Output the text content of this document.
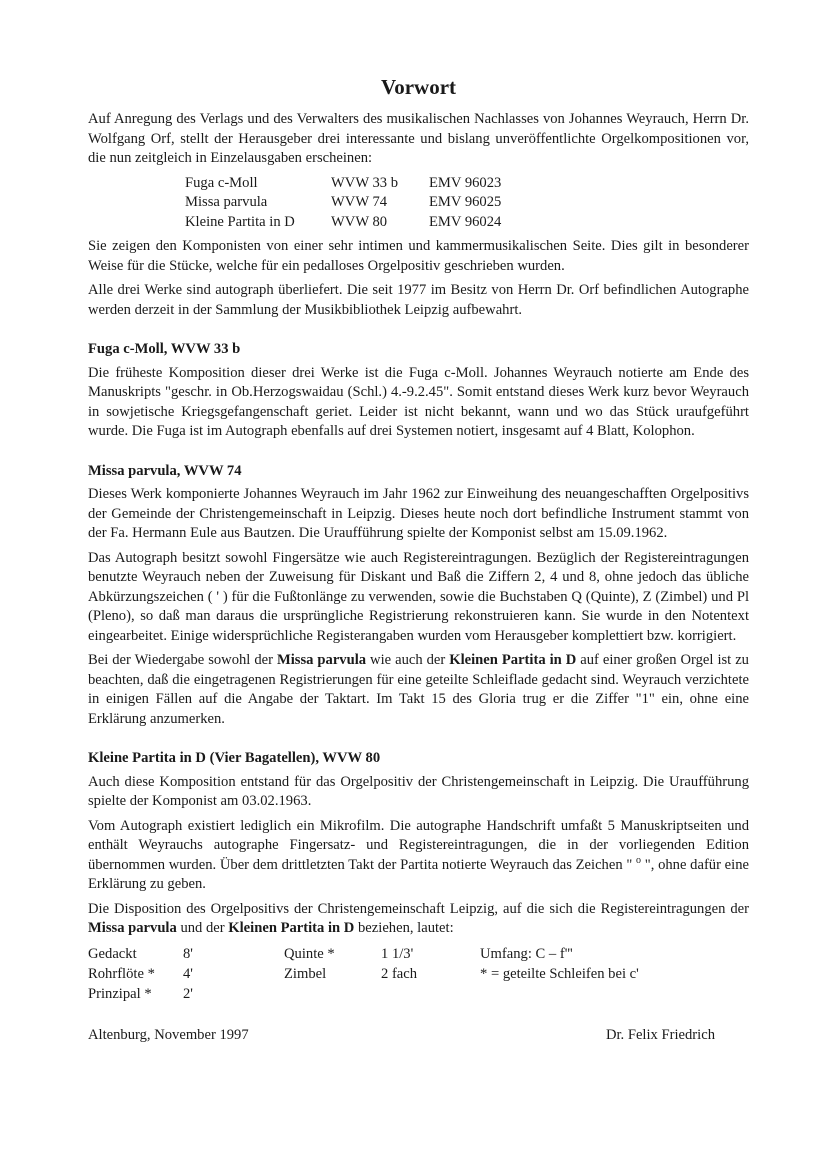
Vorwort

Auf Anregung des Verlags und des Verwalters des musikalischen Nachlasses von Johannes Weyrauch, Herrn Dr. Wolfgang Orf, stellt der Herausgeber drei interessante und bislang unveröffentlichte Orgelkompositionen vor, die nun zeitgleich in Einzelausgaben erscheinen:

Fuga c-Moll	WVW 33 b	EMV 96023
Missa parvula	WVW 74	EMV 96025
Kleine Partita in D	WVW 80	EMV 96024

Sie zeigen den Komponisten von einer sehr intimen und kammermusikalischen Seite. Dies gilt in besonderer Weise für die Stücke, welche für ein pedalloses Orgelpositiv geschrieben wurden.

Alle drei Werke sind autograph überliefert. Die seit 1977 im Besitz von Herrn Dr. Orf befindlichen Autographe werden derzeit in der Sammlung der Musikbibliothek Leipzig aufbewahrt.

Fuga c-Moll, WVW 33 b

Die früheste Komposition dieser drei Werke ist die Fuga c-Moll. Johannes Weyrauch notierte am Ende des Manuskripts "geschr. in Ob.Herzogswaidau (Schl.) 4.-9.2.45". Somit entstand dieses Werk kurz bevor Weyrauch in sowjetische Kriegsgefangenschaft geriet. Leider ist nicht bekannt, wann und wo das Stück uraufgeführt wurde. Die Fuga ist im Autograph ebenfalls auf drei Systemen notiert, insgesamt auf 4 Blatt, Kolophon.

Missa parvula, WVW 74

Dieses Werk komponierte Johannes Weyrauch im Jahr 1962 zur Einweihung des neuangeschafften Orgelpositivs der Gemeinde der Christengemeinschaft in Leipzig. Dieses heute noch dort befindliche Instrument stammt von der Fa. Hermann Eule aus Bautzen. Die Uraufführung spielte der Komponist selbst am 15.09.1962.

Das Autograph besitzt sowohl Fingersätze wie auch Registereintragungen. Bezüglich der Registereintragungen benutzte Weyrauch neben der Zuweisung für Diskant und Baß die Ziffern 2, 4 und 8, ohne jedoch das übliche Abkürzungszeichen ( ' ) für die Fußtonlänge zu verwenden, sowie die Buchstaben Q (Quinte), Z (Zimbel) und Pl (Pleno), so daß man daraus die ursprüngliche Registrierung rekonstruieren kann. Sie wurde in den Notentext eingearbeitet. Einige widersprüchliche Registerangaben wurden vom Herausgeber komplettiert bzw. korrigiert.

Bei der Wiedergabe sowohl der Missa parvula wie auch der Kleinen Partita in D auf einer großen Orgel ist zu beachten, daß die eingetragenen Registrierungen für eine geteilte Schleiflade gedacht sind. Weyrauch verzichtete in einigen Fällen auf die Angabe der Taktart. Im Takt 15 des Gloria trug er die Ziffer "1" ein, ohne eine Erklärung anzumerken.

Kleine Partita in D (Vier Bagatellen), WVW 80

Auch diese Komposition entstand für das Orgelpositiv der Christengemeinschaft in Leipzig. Die Uraufführung spielte der Komponist am 03.02.1963.

Vom Autograph existiert lediglich ein Mikrofilm. Die autographe Handschrift umfaßt 5 Manuskriptseiten und enthält Weyrauchs autographe Fingersatz- und Registereintragungen, die in der vorliegenden Edition übernommen wurden. Über dem drittletzten Takt der Partita notierte Weyrauch das Zeichen " $^o$ ", ohne dafür eine Erklärung zu geben.

Die Disposition des Orgelpositivs der Christengemeinschaft Leipzig, auf die sich die Registereintragungen der Missa parvula und der Kleinen Partita in D beziehen, lautet:

Gedackt	8'	Quinte *	1 1/3'	Umfang: C – f'''
Rohrflöte *	4'	Zimbel	2 fach	* = geteilte Schleifen bei c'
Prinzipal *	2'			
Altenburg, November 1997	Dr. Felix Friedrich
